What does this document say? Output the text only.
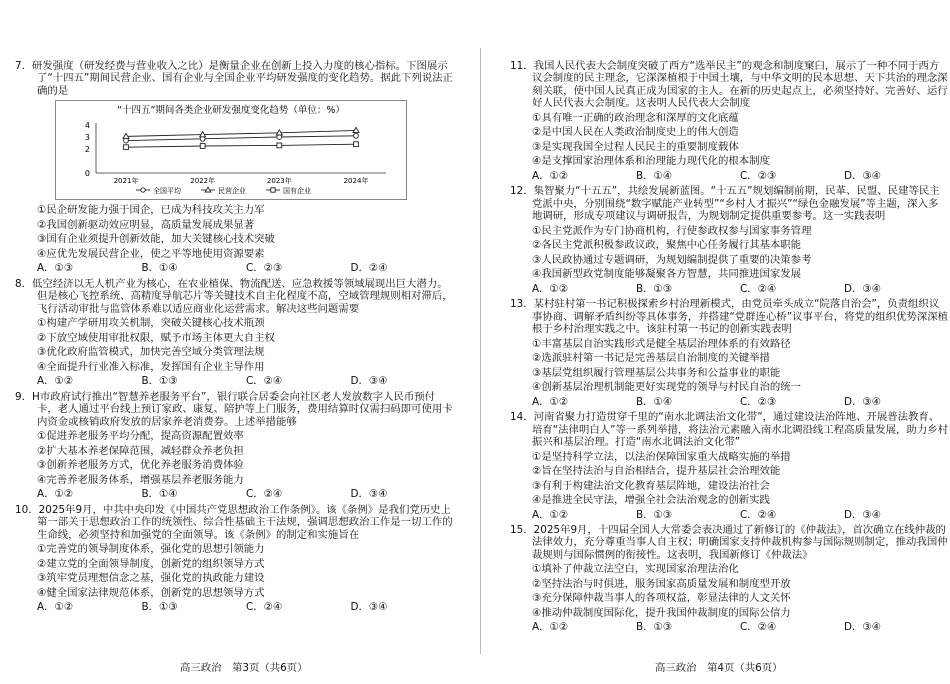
7．研发强度（研发经费与营业收入之比）是衡量企业在创新上投入力度的核心指标。下图展示了“十四五”期间民营企业、国有企业与全国企业平均研发强度的变化趋势。据此下列说法正确的是

“十四五”期间各类企业研发强度变化趋势（单位：%）
0
2
3
4
2021年	2022年	2023年	2024年
全国平均	民营企业	国有企业

①民企研发能力强于国企，已成为科技攻关主力军

②我国创新驱动效应明显，高质量发展成果显著

③国有企业须提升创新效能，加大关键核心技术突破

④应优先发展民营企业，使之平等地使用资源要素

A．①③	B．①④	C．②③	D．②④

8．低空经济以无人机产业为核心，在农业植保、物流配送、应急救援等领域展现出巨大潜力。但是核心飞控系统、高精度导航芯片等关键技术自主化程度不高，空域管理规则相对滞后，飞行活动审批与监管体系难以适应商业化运营需求。解决这些问题需要

①构建产学研用攻关机制，突破关键核心技术瓶颈

②下放空域使用审批权限，赋予市场主体更大自主权

③优化政府监管模式，加快完善空域分类管理法规

④全面提升行业准入标准，发挥国有企业主导作用

A．①②	B．①③	C．②④	D．③④

9．H市政府试行推出“智慧养老服务平台”，银行联合居委会向社区老人发放数字人民币预付卡，老人通过平台线上预订家政、康复、陪护等上门服务，费用结算时仅需扫码即可使用卡内资金或核销政府发放的居家养老消费券。上述举措能够

①促进养老服务平均分配，提高资源配置效率

②扩大基本养老保障范围，减轻群众养老负担

③创新养老服务方式，优化养老服务消费体验

④完善养老服务体系，增强基层养老服务能力

A．①②	B．①④	C．②④	D．③④

10．2025年9月，中共中央印发《中国共产党思想政治工作条例》。该《条例》是我们党历史上第一部关于思想政治工作的统领性、综合性基础主干法规，强调思想政治工作是一切工作的生命线，必须坚持和加强党的全面领导。该《条例》的制定和实施旨在

①完善党的领导制度体系，强化党的思想引领能力

②建立党的全面领导制度，创新党的组织领导方式

③筑牢党员理想信念之基，强化党的执政能力建设

④健全国家法律规范体系，创新党的思想领导方式

A．①②	B．①③	C．②④	D．③④

11．我国人民代表大会制度突破了西方“选举民主”的观念和制度窠臼，展示了一种不同于西方议会制度的民主理念，它深深植根于中国土壤，与中华文明的民本思想、天下共治的理念深刻关联，使中国人民真正成为国家的主人。在新的历史起点上，必须坚持好、完善好、运行好人民代表大会制度。这表明人民代表大会制度

①具有唯一正确的政治理念和深厚的文化底蕴

②是中国人民在人类政治制度史上的伟大创造

③是实现我国全过程人民民主的重要制度载体

④是支撑国家治理体系和治理能力现代化的根本制度

A．①②	B．①④	C．②③	D．③④

12．集智聚力“十五五”，共绘发展新蓝图。“十五五”规划编制前期，民革、民盟、民建等民主党派中央，分别围绕“数字赋能产业转型”“乡村人才振兴”“绿色金融发展”等主题，深入多地调研，形成专项建议与调研报告，为规划制定提供重要参考。这一实践表明

①民主党派作为专门协商机构，行使参政权参与国家事务管理

②各民主党派积极参政议政，聚焦中心任务履行其基本职能

③人民政协通过专题调研，为规划编制提供了重要的决策参考

④我国新型政党制度能够凝聚各方智慧，共同推进国家发展

A．①②	B．①③	C．②④	D．③④

13．某村驻村第一书记积极探索乡村治理新模式，由党员牵头成立“院落自治会”，负责组织议事协商、调解矛盾纠纷等具体事务，并搭建“党群连心桥”议事平台，将党的组织优势深深植根于乡村治理实践之中。该驻村第一书记的创新实践表明

①丰富基层自治实践形式是健全基层治理体系的有效路径

②选派驻村第一书记是完善基层自治制度的关键举措

③基层党组织履行管理基层公共事务和公益事业的职能

④创新基层治理机制能更好实现党的领导与村民自治的统一

A．①②	B．①④	C．②③	D．③④

14．河南省聚力打造贯穿千里的“南水北调法治文化带”，通过建设法治阵地、开展普法教育、培育“法律明白人”等一系列举措，将法治元素融入南水北调沿线工程高质量发展，助力乡村振兴和基层治理。打造“南水北调法治文化带”

①是坚持科学立法，以法治保障国家重大战略实施的举措

②旨在坚持法治与自治相结合，提升基层社会治理效能

③有利于构建法治文化教育基层阵地，建设法治社会

④是推进全民守法，增强全社会法治观念的创新实践

A．①②	B．①③	C．②④	D．③④

15．2025年9月，十四届全国人大常委会表决通过了新修订的《仲裁法》，首次确立在线仲裁的法律效力，充分尊重当事人自主权；明确国家支持仲裁机构参与国际规则制定，推动我国仲裁规则与国际惯例的衔接性。这表明，我国新修订《仲裁法》

①填补了仲裁立法空白，实现国家治理法治化

②坚持法治与时俱进，服务国家高质量发展和制度型开放

③充分保障仲裁当事人的各项权益，彰显法律的人文关怀

④推动仲裁制度国际化，提升我国仲裁制度的国际公信力

A．①②	B．①③	C．②④	D．③④
高三政治　第3页（共6页）	高三政治　第4页（共6页）
